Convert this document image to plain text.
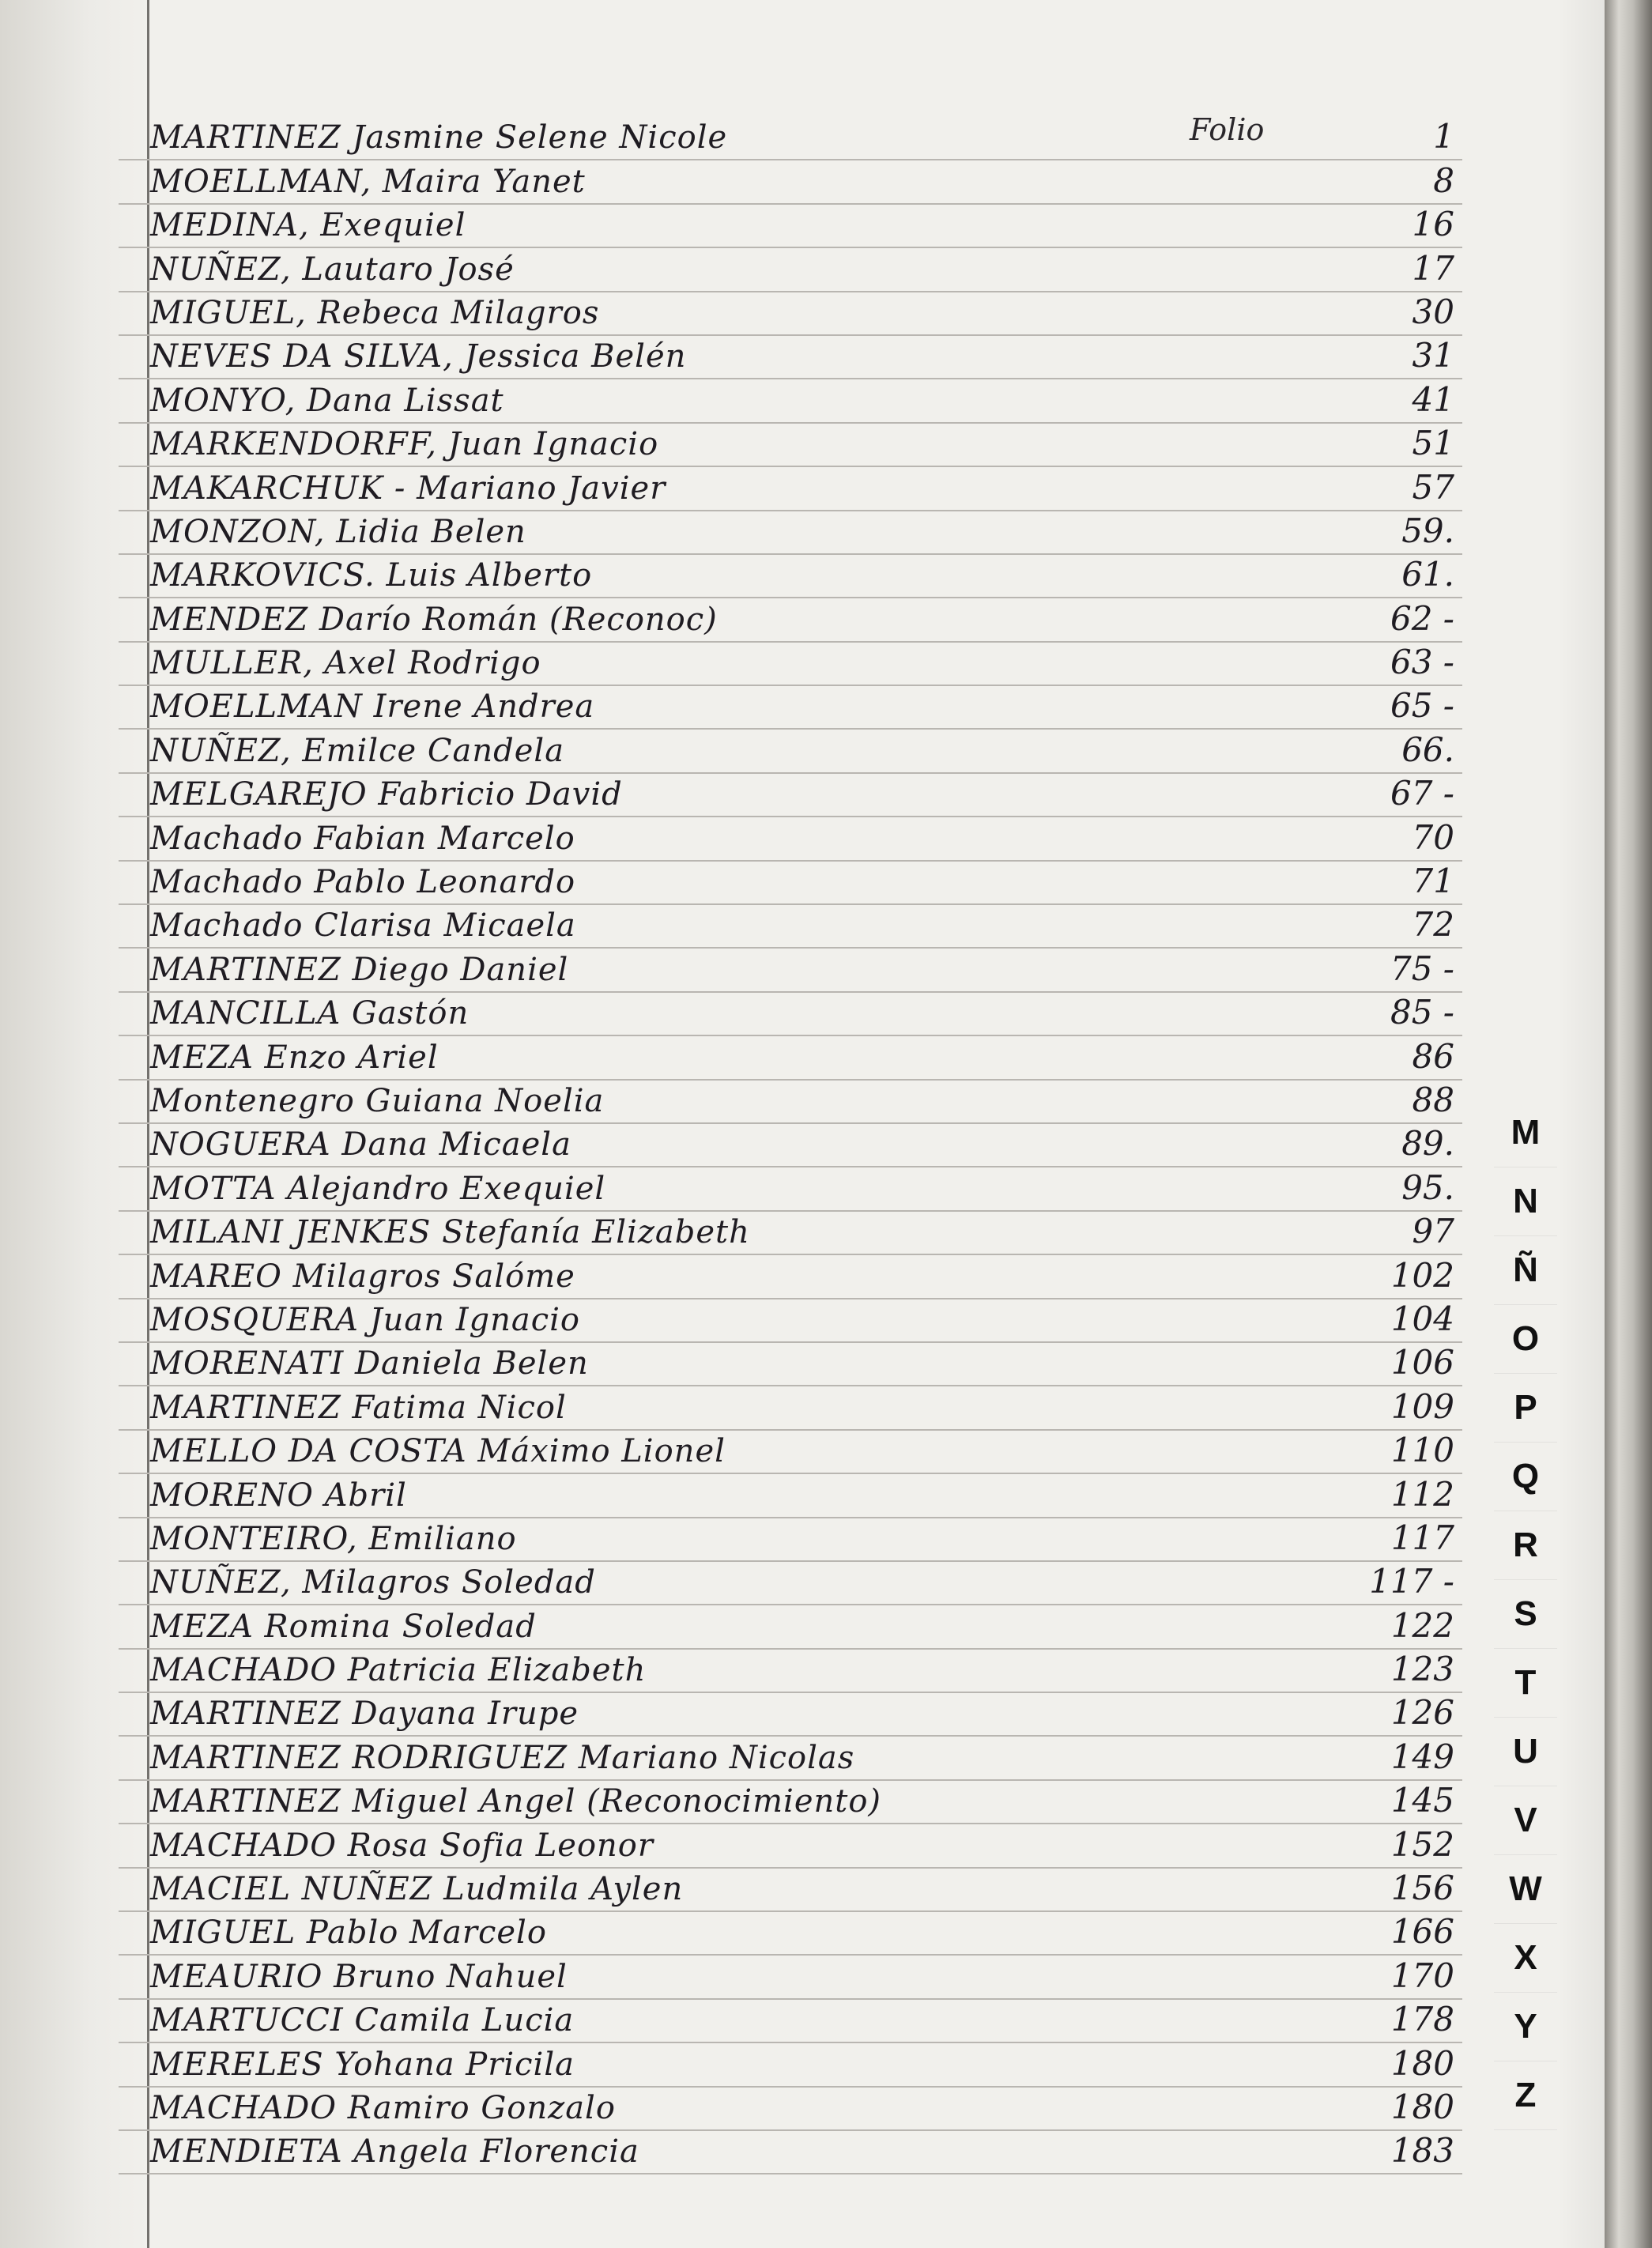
Folio
MARTINEZ Jasmine Selene Nicole	1
MOELLMAN, Maira Yanet	8
MEDINA, Exequiel	16
NUÑEZ, Lautaro José	17
MIGUEL, Rebeca Milagros	30
NEVES DA SILVA, Jessica Belén	31
MONYO, Dana Lissat	41
MARKENDORFF, Juan Ignacio	51
MAKARCHUK - Mariano Javier	57
MONZON, Lidia Belen	59.
MARKOVICS. Luis Alberto	61.
MENDEZ Darío Román (Reconoc)	62 -
MULLER, Axel Rodrigo	63 -
MOELLMAN Irene Andrea	65 -
NUÑEZ, Emilce Candela	66.
MELGAREJO Fabricio David	67 -
Machado Fabian Marcelo	70
Machado Pablo Leonardo	71
Machado Clarisa Micaela	72
MARTINEZ Diego Daniel	75 -
MANCILLA Gastón	85 -
MEZA Enzo Ariel	86
Montenegro Guiana Noelia	88
NOGUERA Dana Micaela	89.
MOTTA Alejandro Exequiel	95.
MILANI JENKES Stefanía Elizabeth	97
MAREO Milagros Salóme	102
MOSQUERA Juan Ignacio	104
MORENATI Daniela Belen	106
MARTINEZ Fatima Nicol	109
MELLO DA COSTA Máximo Lionel	110
MORENO Abril	112
MONTEIRO, Emiliano	117
NUÑEZ, Milagros Soledad	117 -
MEZA Romina Soledad	122
MACHADO Patricia Elizabeth	123
MARTINEZ Dayana Irupe	126
MARTINEZ RODRIGUEZ Mariano Nicolas	149
MARTINEZ Miguel Angel (Reconocimiento)	145
MACHADO Rosa Sofia Leonor	152
MACIEL NUÑEZ Ludmila Aylen	156
MIGUEL Pablo Marcelo	166
MEAURIO Bruno Nahuel	170
MARTUCCI Camila Lucia	178
MERELES Yohana Pricila	180
MACHADO Ramiro Gonzalo	180
MENDIETA Angela Florencia	183
M
N
Ñ
O
P
Q
R
S
T
U
V
W
X
Y
Z
